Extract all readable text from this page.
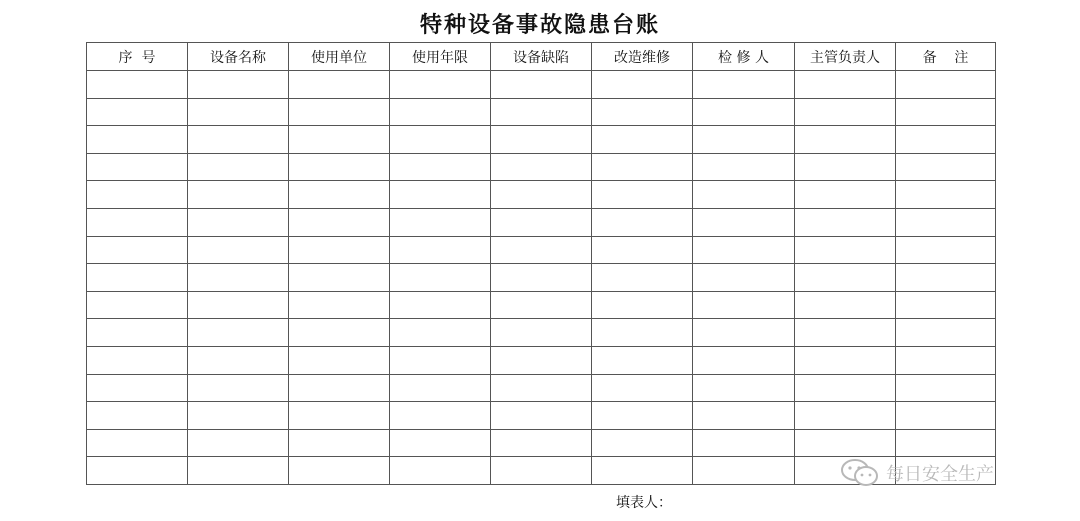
特种设备事故隐患台账
序  号	设备名称	使用单位	使用年限	设备缺陷	改造维修	检 修 人	主管负责人	备    注

填表人：
每日安全生产
